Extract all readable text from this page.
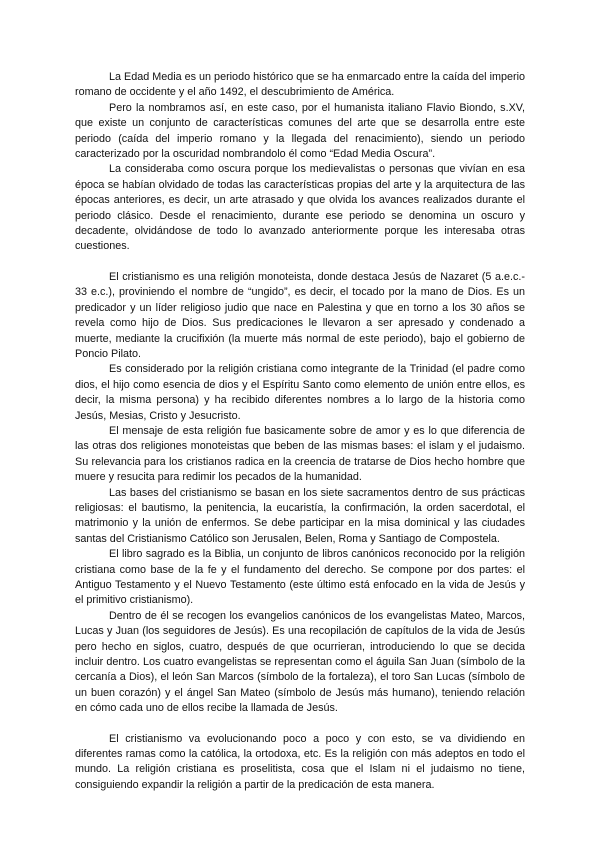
La Edad Media es un periodo histórico que se ha enmarcado entre la caída del imperio romano de occidente y el año 1492, el descubrimiento de América.

Pero la nombramos así, en este caso, por el humanista italiano Flavio Biondo, s.XV, que existe un conjunto de características comunes del arte que se desarrolla entre este periodo (caída del imperio romano y la llegada del renacimiento), siendo un periodo caracterizado por la oscuridad nombrandolo él como “Edad Media Oscura”.

La consideraba como oscura porque los medievalistas o personas que vivían en esa época se habían olvidado de todas las características propias del arte y la arquitectura de las épocas anteriores, es decir, un arte atrasado y que olvida los avances realizados durante el periodo clásico. Desde el renacimiento, durante ese periodo se denomina un oscuro y decadente, olvidándose de todo lo avanzado anteriormente porque les interesaba otras cuestiones.

El cristianismo es una religión monoteista, donde destaca Jesús de Nazaret (5 a.e.c.- 33 e.c.), proviniendo el nombre de “ungido”, es decir, el tocado por la mano de Dios. Es un predicador y un líder religioso judio que nace en Palestina y que en torno a los 30 años se revela como hijo de Dios. Sus predicaciones le llevaron a ser apresado y condenado a muerte, mediante la crucifixión (la muerte más normal de este periodo), bajo el gobierno de Poncio Pilato.

Es considerado por la religión cristiana como integrante de la Trinidad (el padre como dios, el hijo como esencia de dios y el Espíritu Santo como elemento de unión entre ellos, es decir, la misma persona) y ha recibido diferentes nombres a lo largo de la historia como Jesús, Mesias, Cristo y Jesucristo.

El mensaje de esta religión fue basicamente sobre de amor y es lo que diferencia de las otras dos religiones monoteistas que beben de las mismas bases: el islam y el judaismo. Su relevancia para los cristianos radica en la creencia de tratarse de Dios hecho hombre que muere y resucita para redimir los pecados de la humanidad.

Las bases del cristianismo se basan en los siete sacramentos dentro de sus prácticas religiosas: el bautismo, la penitencia, la eucaristía, la confirmación, la orden sacerdotal, el matrimonio y la unión de enfermos. Se debe participar en la misa dominical y las ciudades santas del Cristianismo Católico son Jerusalen, Belen, Roma y Santiago de Compostela.

El libro sagrado es la Biblia, un conjunto de libros canónicos reconocido por la religión cristiana como base de la fe y el fundamento del derecho. Se compone por dos partes: el Antiguo Testamento y el Nuevo Testamento (este último está enfocado en la vida de Jesús y el primitivo cristianismo).

Dentro de él se recogen los evangelios canónicos de los evangelistas Mateo, Marcos, Lucas y Juan (los seguidores de Jesús). Es una recopilación de capítulos de la vida de Jesús pero hecho en siglos, cuatro, después de que ocurrieran, introduciendo lo que se decida incluir dentro. Los cuatro evangelistas se representan como el águila San Juan (símbolo de la cercanía a Dios), el león San Marcos (símbolo de la fortaleza), el toro San Lucas (símbolo de un buen corazón) y el ángel San Mateo (símbolo de Jesús más humano), teniendo relación en cómo cada uno de ellos recibe la llamada de Jesús.

El cristianismo va evolucionando poco a poco y con esto, se va dividiendo en diferentes ramas como la católica, la ortodoxa, etc. Es la religión con más adeptos en todo el mundo. La religión cristiana es proselitista, cosa que el Islam ni el judaismo no tiene, consiguiendo expandir la religión a partir de la predicación de esta manera.
